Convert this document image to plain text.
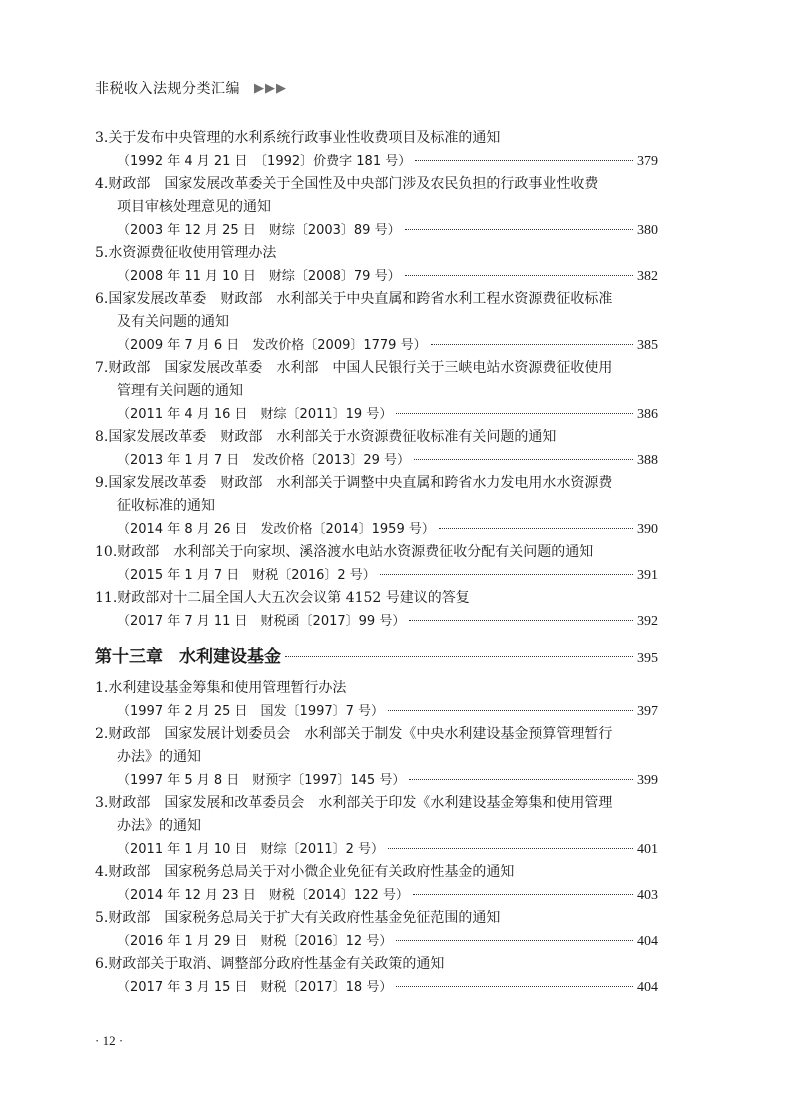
非税收入法规分类汇编 ▶▶▶
3. 关于发布中央管理的水利系统行政事业性收费项目及标准的通知
（1992 年 4 月 21 日　〔1992〕价费字 181 号）	379
4. 财政部　国家发展改革委关于全国性及中央部门涉及农民负担的行政事业性收费
项目审核处理意见的通知
（2003 年 12 月 25 日　财综〔2003〕89 号）	380
5. 水资源费征收使用管理办法
（2008 年 11 月 10 日　财综〔2008〕79 号）	382
6. 国家发展改革委　财政部　水利部关于中央直属和跨省水利工程水资源费征收标准
及有关问题的通知
（2009 年 7 月 6 日　发改价格〔2009〕1779 号）	385
7. 财政部　国家发展改革委　水利部　中国人民银行关于三峡电站水资源费征收使用
管理有关问题的通知
（2011 年 4 月 16 日　财综〔2011〕19 号）	386
8. 国家发展改革委　财政部　水利部关于水资源费征收标准有关问题的通知
（2013 年 1 月 7 日　发改价格〔2013〕29 号）	388
9. 国家发展改革委　财政部　水利部关于调整中央直属和跨省水力发电用水水资源费
征收标准的通知
（2014 年 8 月 26 日　发改价格〔2014〕1959 号）	390
10. 财政部　水利部关于向家坝、溪洛渡水电站水资源费征收分配有关问题的通知
（2015 年 1 月 7 日　财税〔2016〕2 号）	391
11. 财政部对十二届全国人大五次会议第 4152 号建议的答复
（2017 年 7 月 11 日　财税函〔2017〕99 号）	392
第十三章 水利建设基金	395
1. 水利建设基金筹集和使用管理暂行办法
（1997 年 2 月 25 日　国发〔1997〕7 号）	397
2. 财政部　国家发展计划委员会　水利部关于制发《中央水利建设基金预算管理暂行
办法》的通知
（1997 年 5 月 8 日　财预字〔1997〕145 号）	399
3. 财政部　国家发展和改革委员会　水利部关于印发《水利建设基金筹集和使用管理
办法》的通知
（2011 年 1 月 10 日　财综〔2011〕2 号）	401
4. 财政部　国家税务总局关于对小微企业免征有关政府性基金的通知
（2014 年 12 月 23 日　财税〔2014〕122 号）	403
5. 财政部　国家税务总局关于扩大有关政府性基金免征范围的通知
（2016 年 1 月 29 日　财税〔2016〕12 号）	404
6. 财政部关于取消、调整部分政府性基金有关政策的通知
（2017 年 3 月 15 日　财税〔2017〕18 号）	404
· 12 ·
